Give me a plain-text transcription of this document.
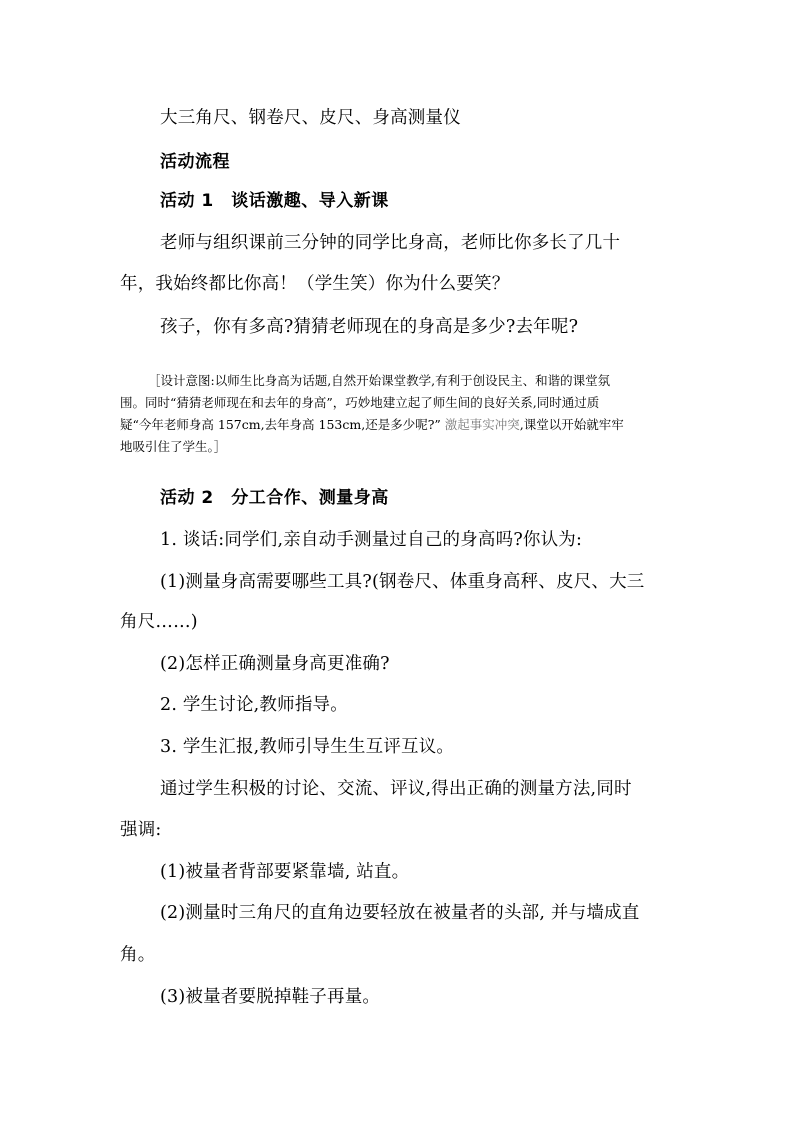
大三角尺、钢卷尺、皮尺、身高测量仪
活动流程
活动 1　谈话激趣、导入新课
老师与组织课前三分钟的同学比身高，老师比你多长了几十
年，我始终都比你高！（学生笑）你为什么要笑？
孩子，你有多高?猜猜老师现在的身高是多少?去年呢?
［设计意图:以师生比身高为话题,自然开始课堂教学,有利于创设民主、和谐的课堂氛
围。同时“猜猜老师现在和去年的身高”，巧妙地建立起了师生间的良好关系,同时通过质
疑“今年老师身高 157cm,去年身高 153cm,还是多少呢?” 激起事实冲突,课堂以开始就牢牢
地吸引住了学生。］
活动 2　分工合作、测量身高
1. 谈话:同学们,亲自动手测量过自己的身高吗?你认为:
(1)测量身高需要哪些工具?(钢卷尺、体重身高秤、皮尺、大三
角尺……)
(2)怎样正确测量身高更准确?
2. 学生讨论,教师指导。
3. 学生汇报,教师引导生生互评互议。
通过学生积极的讨论、交流、评议,得出正确的测量方法,同时
强调:
(1)被量者背部要紧靠墙, 站直。
(2)测量时三角尺的直角边要轻放在被量者的头部, 并与墙成直
角。
(3)被量者要脱掉鞋子再量。
